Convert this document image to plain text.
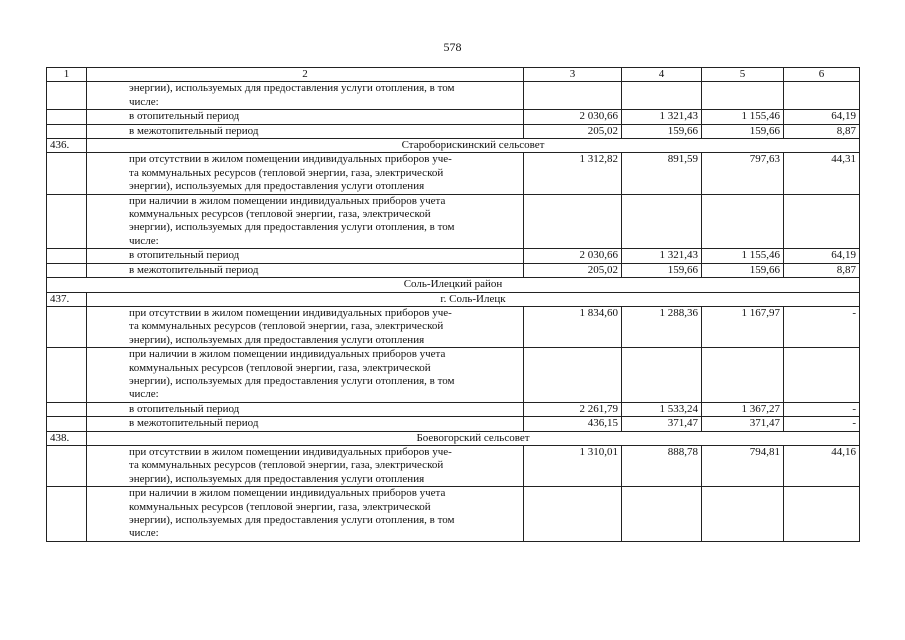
578
1	2	3	4	5	6

	энергии), используемых для предоставления услуги отопления, в том
числе:				

	в отопительный период	2 030,66	1 321,43	1 155,46	64,19

	в межотопительный период	205,02	159,66	159,66	8,87
436.	Староборискинский сельсовет				

	при отсутствии в жилом помещении индивидуальных приборов уче-
та коммунальных ресурсов (тепловой энергии, газа, электрической
энергии), используемых для предоставления услуги отопления	1 312,82	891,59	797,63	44,31

	при наличии в жилом помещении индивидуальных приборов учета
коммунальных ресурсов (тепловой энергии, газа, электрической
энергии), используемых для предоставления услуги отопления, в том
числе:				

	в отопительный период	2 030,66	1 321,43	1 155,46	64,19

	в межотопительный период	205,02	159,66	159,66	8,87
Соль-Илецкий район					
437.	г. Соль-Илецк				

	при отсутствии в жилом помещении индивидуальных приборов уче-
та коммунальных ресурсов (тепловой энергии, газа, электрической
энергии), используемых для предоставления услуги отопления	1 834,60	1 288,36	1 167,97	-

	при наличии в жилом помещении индивидуальных приборов учета
коммунальных ресурсов (тепловой энергии, газа, электрической
энергии), используемых для предоставления услуги отопления, в том
числе:				

	в отопительный период	2 261,79	1 533,24	1 367,27	-

	в межотопительный период	436,15	371,47	371,47	-
438.	Боевогорский сельсовет				

	при отсутствии в жилом помещении индивидуальных приборов уче-
та коммунальных ресурсов (тепловой энергии, газа, электрической
энергии), используемых для предоставления услуги отопления	1 310,01	888,78	794,81	44,16

	при наличии в жилом помещении индивидуальных приборов учета
коммунальных ресурсов (тепловой энергии, газа, электрической
энергии), используемых для предоставления услуги отопления, в том
числе:				
